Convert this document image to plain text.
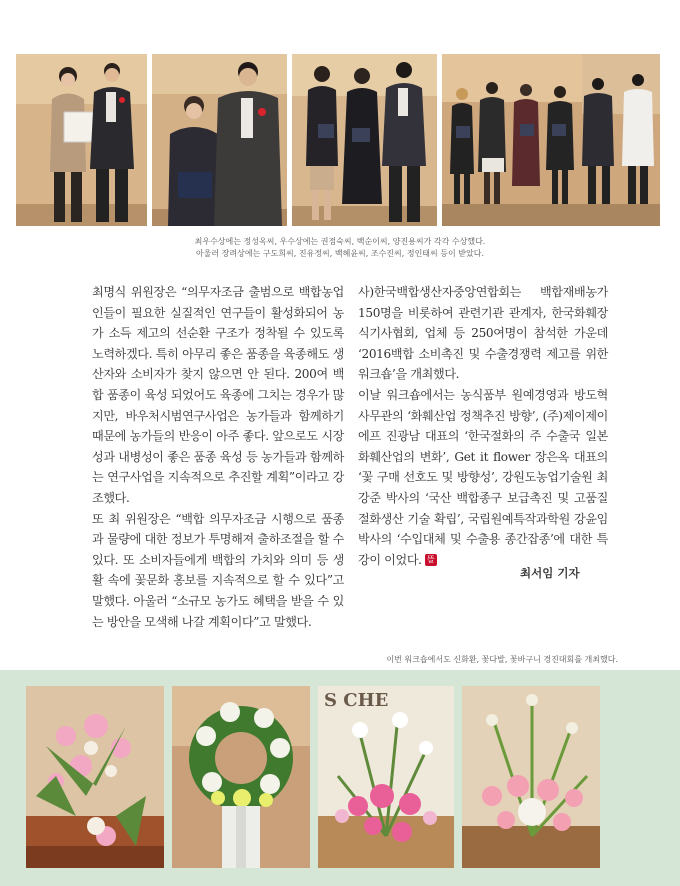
최우수상에는 정성옥씨, 우수상에는 권점숙씨, 백순이씨, 양진용씨가 각각 수상했다.
아울러 장려상에는 구도희씨, 진유정씨, 백혜윤씨, 조수진씨, 정인태씨 등이 받았다.

최명식 위원장은 “의무자조금 출범으로 백합농업인들이 필요한 실질적인 연구들이 활성화되어 농가 소득 제고의 선순환 구조가 정착될 수 있도록 노력하겠다. 특히 아무리 좋은 품종을 육종해도 생산자와 소비자가 찾지 않으면 안 된다. 200여 백합 품종이 육성 되었어도 육종에 그치는 경우가 많지만, 바우처시범연구사업은 농가들과 함께하기 때문에 농가들의 반응이 아주 좋다. 앞으로도 시장성과 내병성이 좋은 품종 육성 등 농가들과 함께하는 연구사업을 지속적으로 추진할 계획”이라고 강조했다.

또 최 위원장은 “백합 의무자조금 시행으로 품종과 물량에 대한 정보가 투명해져 출하조절을 할 수 있다. 또 소비자들에게 백합의 가치와 의미 등 생활 속에 꽃문화 홍보를 지속적으로 할 수 있다”고 말했다. 아울러 “소규모 농가도 혜택을 받을 수 있는 방안을 모색해 나갈 계획이다”고 말했다.

사)한국백합생산자중앙연합회는 백합재배농가 150명을 비롯하여 관련기관 관계자, 한국화훼장식기사협회, 업체 등 250여명이 참석한 가운데 ‘2016백합 소비촉진 및 수출경쟁력 제고를 위한 워크숍’을 개최했다.

이날 워크숍에서는 농식품부 원예경영과 방도혁 사무관의 ‘화훼산업 정책추진 방향’, (주)제이제이에프 진광남 대표의 ‘한국절화의 주 수출국 일본화훼산업의 변화’, Get it flower 장은옥 대표의 ‘꽃 구매 선호도 및 방향성’, 강원도농업기술원 최강준 박사의 ‘국산 백합종구 보급촉진 및 고품질 절화생산 기술 확립’, 국립원예특작과학원 강윤임 박사의 ‘수입대체 및 수출용 종간잡종’에 대한 특강이 이었다. 뜰

최서임 기자
이번 워크숍에서도 신화환, 꽃다발, 꽃바구니 경진대회를 개최했다.
S CHE
